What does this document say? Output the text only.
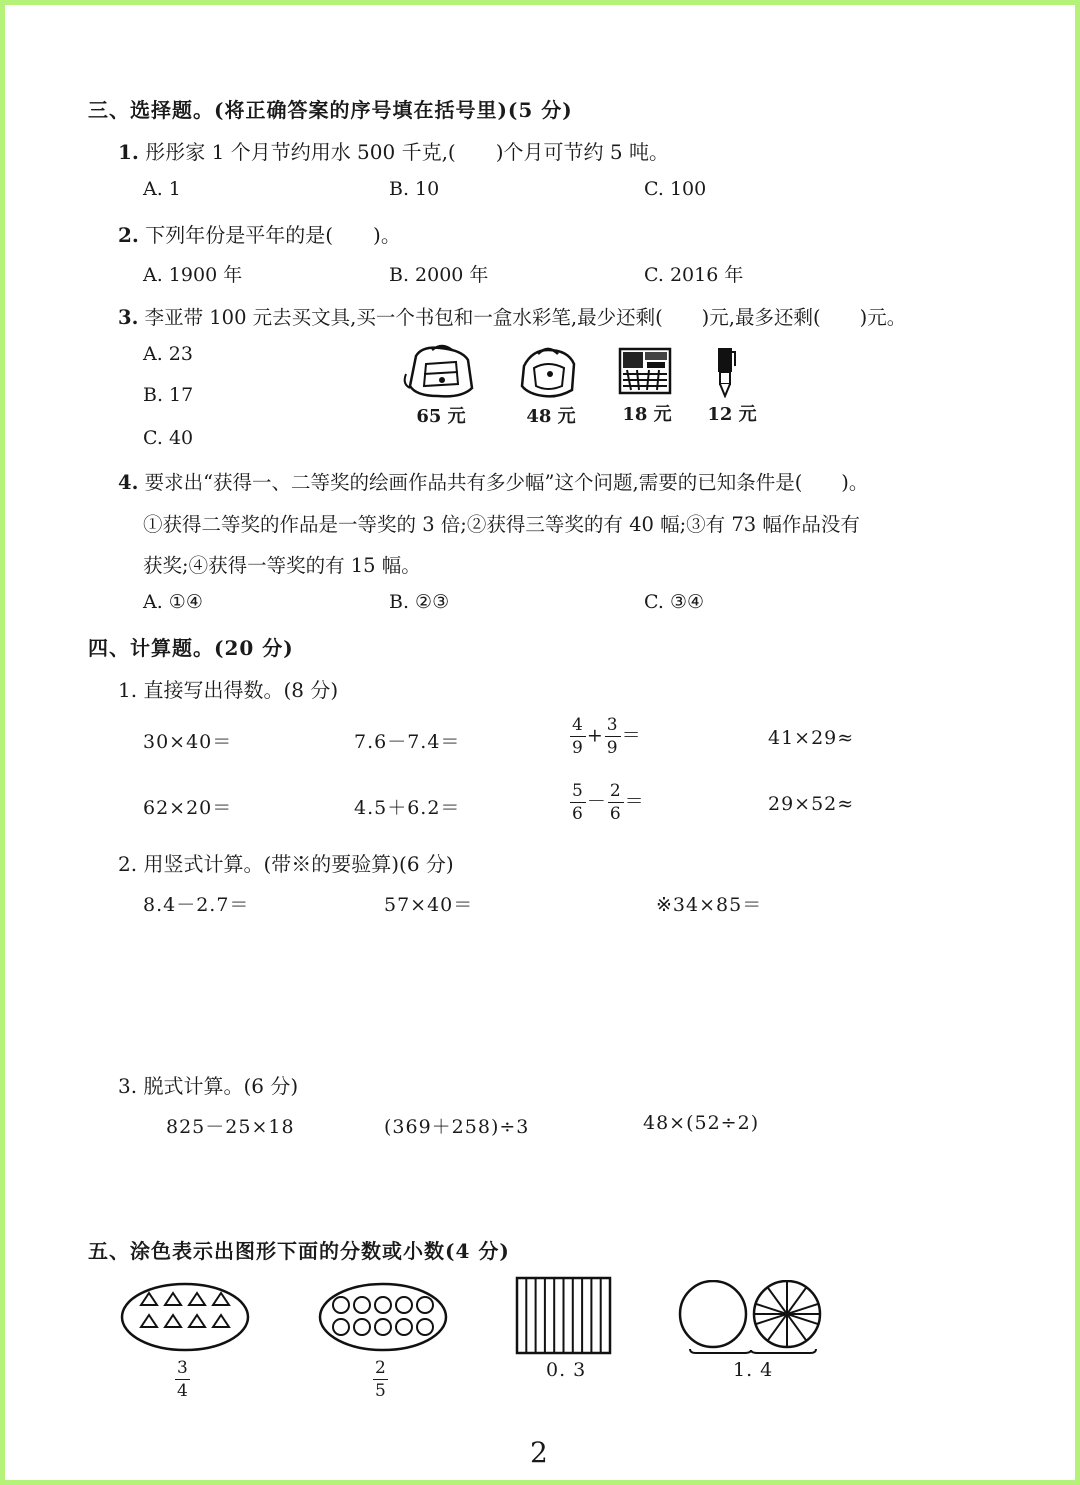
三、选择题。(将正确答案的序号填在括号里)(5 分)
1. 彤彤家 1 个月节约用水 500 千克,(　　)个月可节约 5 吨。
A. 1	B. 10	C. 100
2. 下列年份是平年的是(　　)。
A. 1900 年	B. 2000 年	C. 2016 年
3. 李亚带 100 元去买文具,买一个书包和一盒水彩笔,最少还剩(　　)元,最多还剩(　　)元。
A. 23
B. 17
C. 40
65 元	48 元	18 元	12 元
4. 要求出“获得一、二等奖的绘画作品共有多少幅”这个问题,需要的已知条件是(　　)。
①获得二等奖的作品是一等奖的 3 倍;②获得三等奖的有 40 幅;③有 73 幅作品没有
获奖;④获得一等奖的有 15 幅。
A. ①④	B. ②③	C. ③④
四、计算题。(20 分)
1. 直接写出得数。(8 分)
30×40＝	7.6－7.4＝	$\frac{4}{9} + \frac{3}{9}$ ＝	41×29≈
62×20＝	4.5＋6.2＝	$\frac{5}{6} - \frac{2}{6}$ ＝	29×52≈
2. 用竖式计算。(带※的要验算)(6 分)
8.4－2.7＝	57×40＝	※34×85＝
3. 脱式计算。(6 分)
825－25×18	(369＋258)÷3	48×(52÷2)
五、涂色表示出图形下面的分数或小数(4 分)
$\frac{3}{4}$	$\frac{2}{5}$	0. 3	1. 4
2
